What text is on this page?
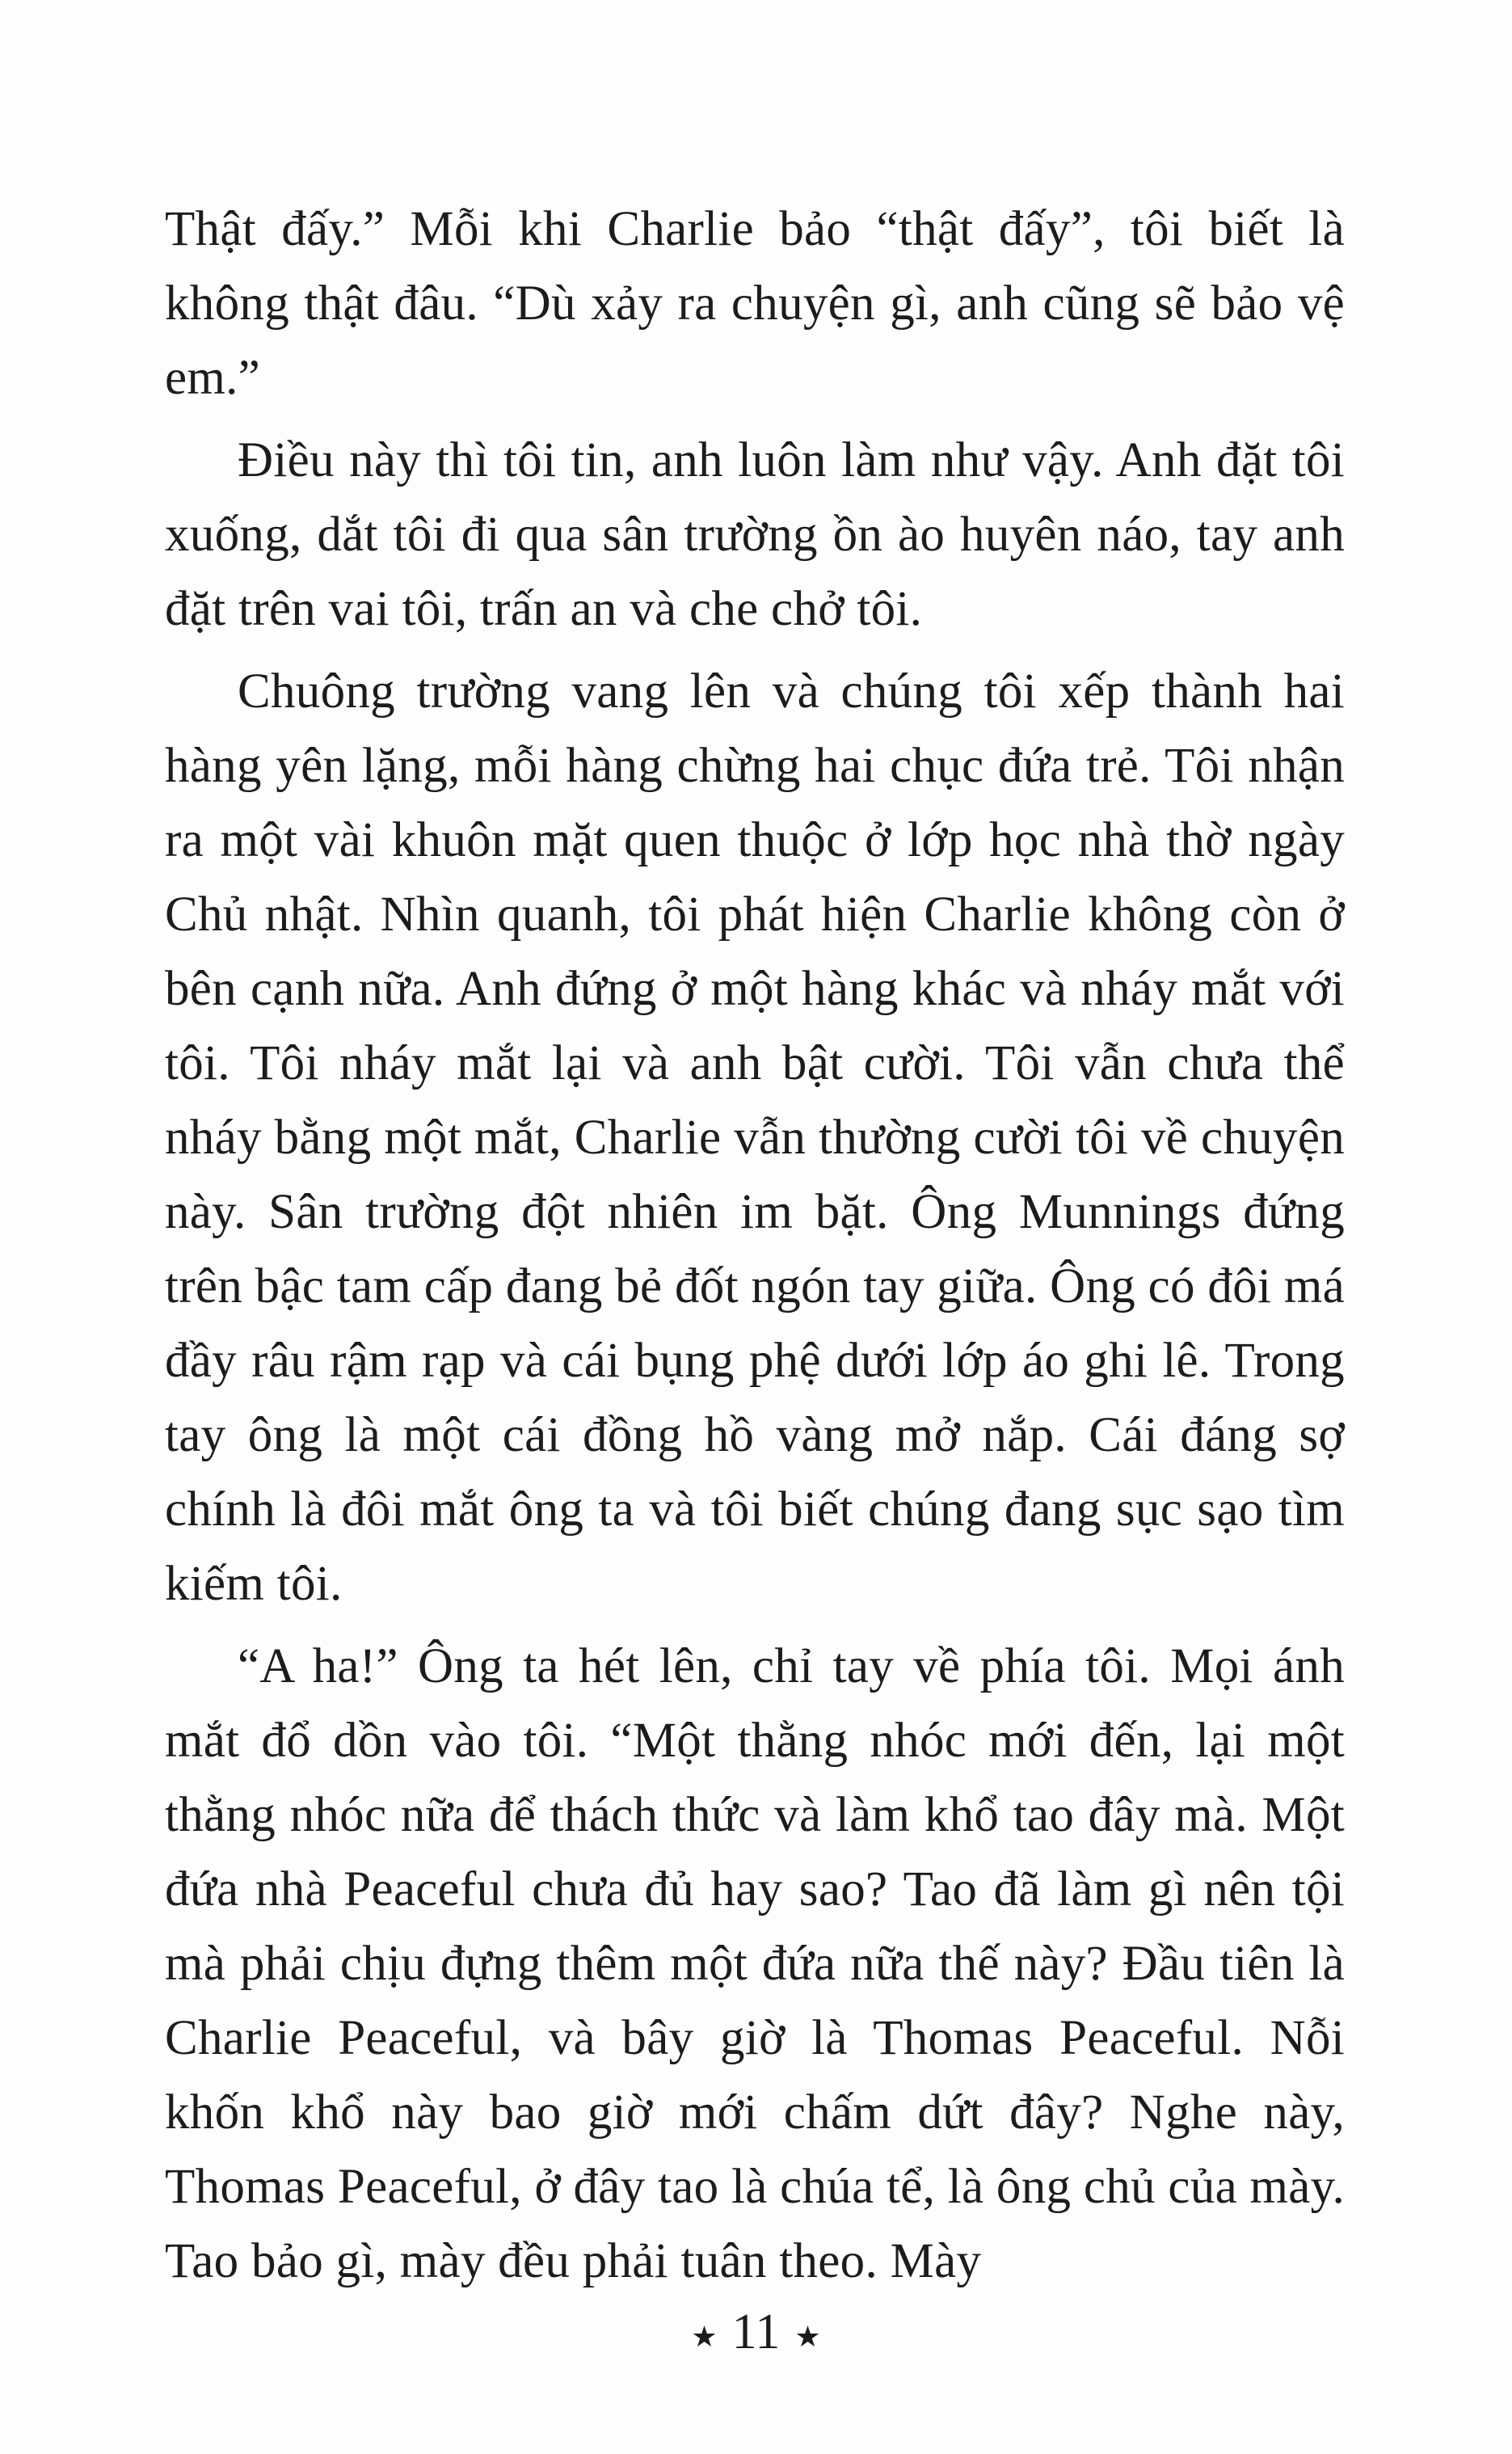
Thật đấy.” Mỗi khi Charlie bảo “thật đấy”, tôi biết là không thật đâu. “Dù xảy ra chuyện gì, anh cũng sẽ bảo vệ em.”

Điều này thì tôi tin, anh luôn làm như vậy. Anh đặt tôi xuống, dắt tôi đi qua sân trường ồn ào huyên náo, tay anh đặt trên vai tôi, trấn an và che chở tôi.

Chuông trường vang lên và chúng tôi xếp thành hai hàng yên lặng, mỗi hàng chừng hai chục đứa trẻ. Tôi nhận ra một vài khuôn mặt quen thuộc ở lớp học nhà thờ ngày Chủ nhật. Nhìn quanh, tôi phát hiện Charlie không còn ở bên cạnh nữa. Anh đứng ở một hàng khác và nháy mắt với tôi. Tôi nháy mắt lại và anh bật cười. Tôi vẫn chưa thể nháy bằng một mắt, Charlie vẫn thường cười tôi về chuyện này. Sân trường đột nhiên im bặt. Ông Munnings đứng trên bậc tam cấp đang bẻ đốt ngón tay giữa. Ông có đôi má đầy râu rậm rạp và cái bụng phệ dưới lớp áo ghi lê. Trong tay ông là một cái đồng hồ vàng mở nắp. Cái đáng sợ chính là đôi mắt ông ta và tôi biết chúng đang sục sạo tìm kiếm tôi.

“A ha!” Ông ta hét lên, chỉ tay về phía tôi. Mọi ánh mắt đổ dồn vào tôi. “Một thằng nhóc mới đến, lại một thằng nhóc nữa để thách thức và làm khổ tao đây mà. Một đứa nhà Peaceful chưa đủ hay sao? Tao đã làm gì nên tội mà phải chịu đựng thêm một đứa nữa thế này? Đầu tiên là Charlie Peaceful, và bây giờ là Thomas Peaceful. Nỗi khốn khổ này bao giờ mới chấm dứt đây? Nghe này, Thomas Peaceful, ở đây tao là chúa tể, là ông chủ của mày. Tao bảo gì, mày đều phải tuân theo. Mày

★ 11 ★
